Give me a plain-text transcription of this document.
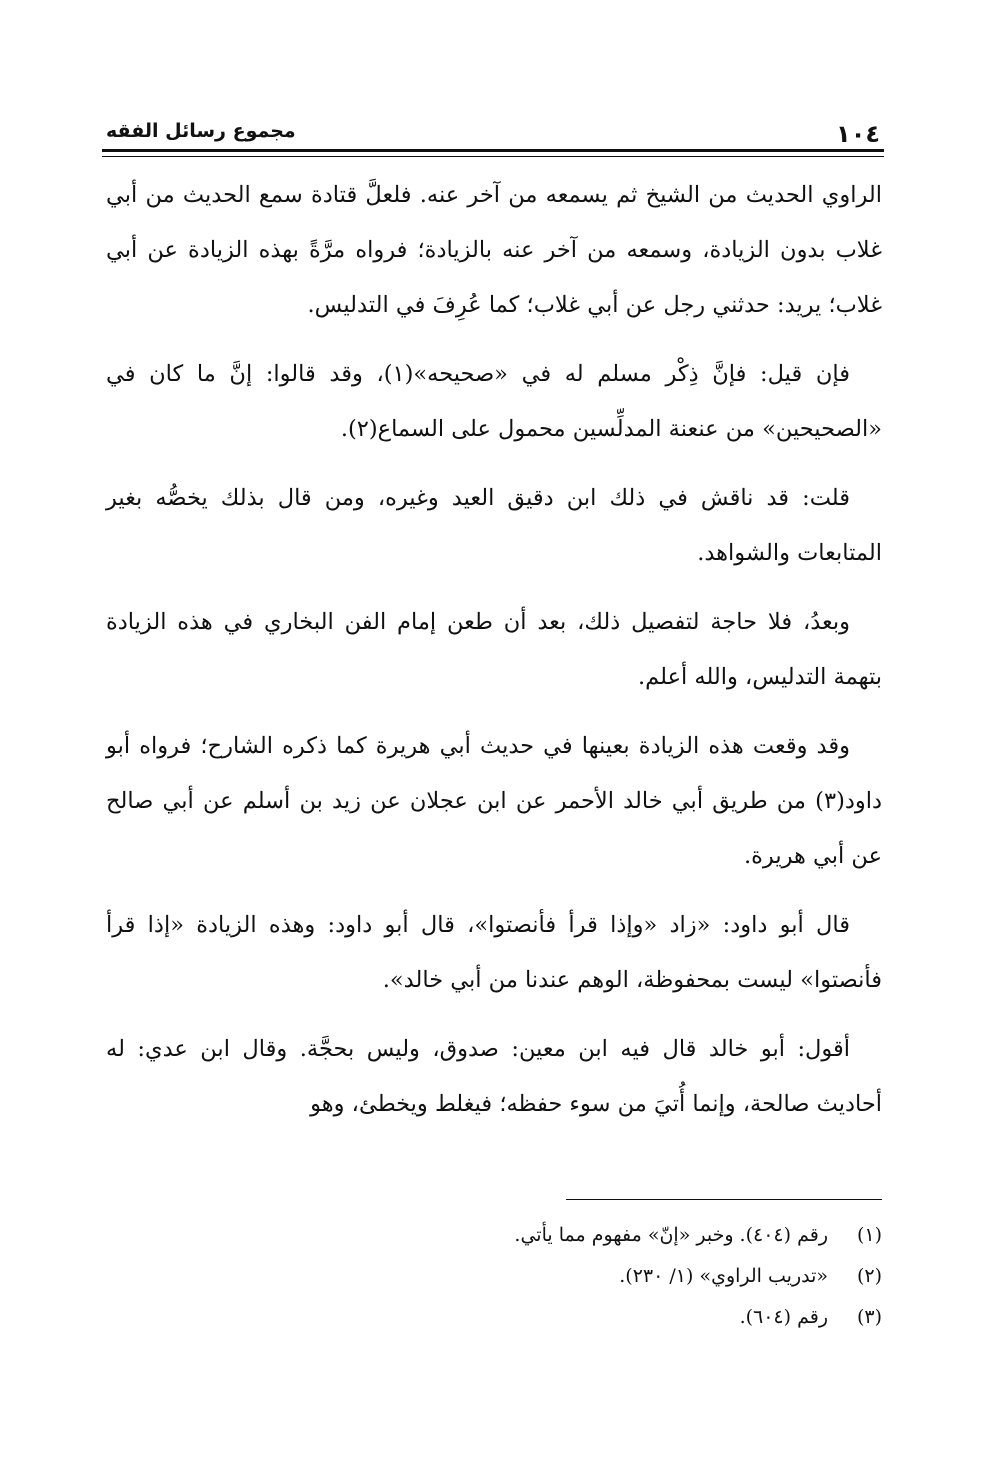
١٠٤
مجموع رسائل الفقه

الراوي الحديث من الشيخ ثم يسمعه من آخر عنه. فلعلَّ قتادة سمع الحديث من أبي غلاب بدون الزيادة، وسمعه من آخر عنه بالزيادة؛ فرواه مرَّةً بهذه الزيادة عن أبي غلاب؛ يريد: حدثني رجل عن أبي غلاب؛ كما عُرِفَ في التدليس.

فإن قيل: فإنَّ ذِكْر مسلم له في «صحيحه»(١)، وقد قالوا: إنَّ ما كان في «الصحيحين» من عنعنة المدلِّسين محمول على السماع(٢).

قلت: قد ناقش في ذلك ابن دقيق العيد وغيره، ومن قال بذلك يخصُّه بغير المتابعات والشواهد.

وبعدُ، فلا حاجة لتفصيل ذلك، بعد أن طعن إمام الفن البخاري في هذه الزيادة بتهمة التدليس، والله أعلم.

وقد وقعت هذه الزيادة بعينها في حديث أبي هريرة كما ذكره الشارح؛ فرواه أبو داود(٣) من طريق أبي خالد الأحمر عن ابن عجلان عن زيد بن أسلم عن أبي صالح عن أبي هريرة.

قال أبو داود: «زاد «وإذا قرأ فأنصتوا»، قال أبو داود: وهذه الزيادة «إذا قرأ فأنصتوا» ليست بمحفوظة، الوهم عندنا من أبي خالد».

أقول: أبو خالد قال فيه ابن معين: صدوق، وليس بحجَّة. وقال ابن عدي: له أحاديث صالحة، وإنما أُتيَ من سوء حفظه؛ فيغلط ويخطئ، وهو

(١)
رقم (٤٠٤). وخبر «إنّ» مفهوم مما يأتي.
(٢)
«تدريب الراوي» (١/ ٢٣٠).
(٣)
رقم (٦٠٤).
